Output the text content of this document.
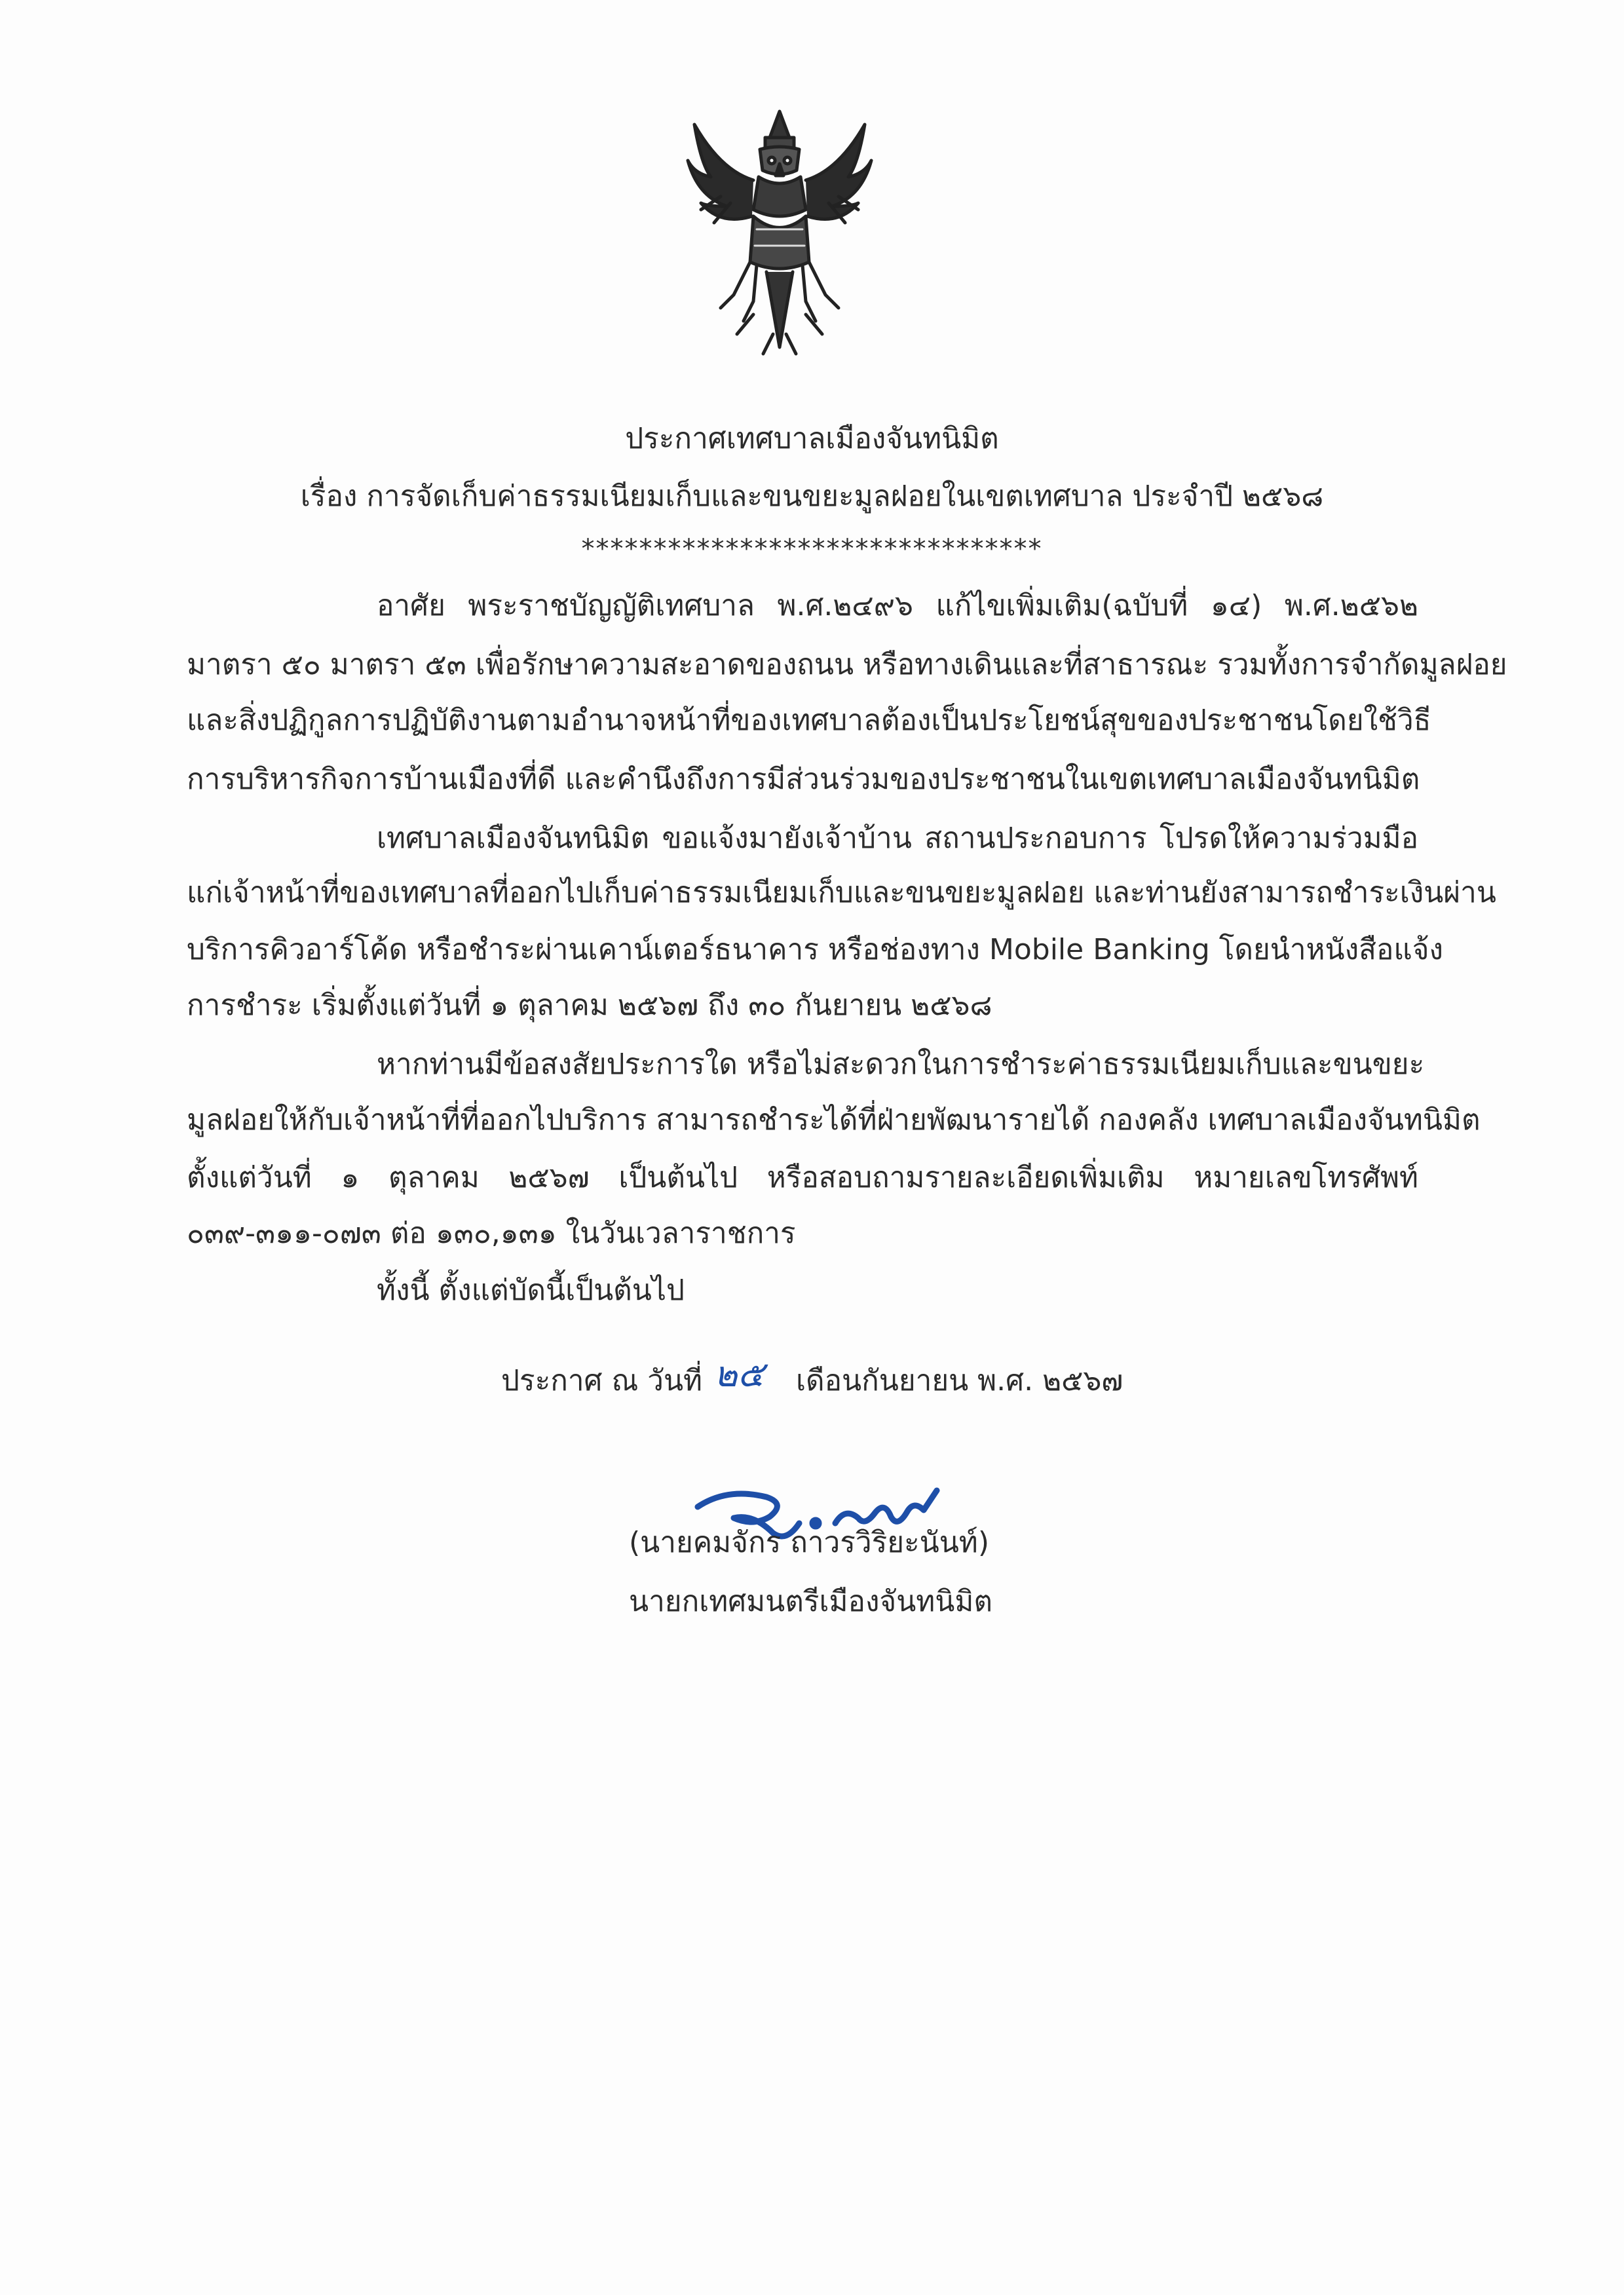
ประกาศเทศบาลเมืองจันทนิมิต
เรื่อง การจัดเก็บค่าธรรมเนียมเก็บและขนขยะมูลฝอยในเขตเทศบาล ประจำปี ๒๕๖๘
********************************
อาศัย พระราชบัญญัติเทศบาล พ.ศ.๒๔๙๖ แก้ไขเพิ่มเติม(ฉบับที่ ๑๔) พ.ศ.๒๕๖๒
มาตรา ๕๐ มาตรา ๕๓ เพื่อรักษาความสะอาดของถนน หรือทางเดินและที่สาธารณะ รวมทั้งการจำกัดมูลฝอย
และสิ่งปฏิกูลการปฏิบัติงานตามอำนาจหน้าที่ของเทศบาลต้องเป็นประโยชน์สุขของประชาชนโดยใช้วิธี
การบริหารกิจการบ้านเมืองที่ดี และคำนึงถึงการมีส่วนร่วมของประชาชนในเขตเทศบาลเมืองจันทนิมิต
เทศบาลเมืองจันทนิมิต ขอแจ้งมายังเจ้าบ้าน สถานประกอบการ โปรดให้ความร่วมมือ
แก่เจ้าหน้าที่ของเทศบาลที่ออกไปเก็บค่าธรรมเนียมเก็บและขนขยะมูลฝอย และท่านยังสามารถชำระเงินผ่าน
บริการคิวอาร์โค้ด หรือชำระผ่านเคาน์เตอร์ธนาคาร หรือช่องทาง Mobile Banking โดยนำหนังสือแจ้ง
การชำระ เริ่มตั้งแต่วันที่ ๑ ตุลาคม ๒๕๖๗ ถึง ๓๐ กันยายน ๒๕๖๘
หากท่านมีข้อสงสัยประการใด หรือไม่สะดวกในการชำระค่าธรรมเนียมเก็บและขนขยะ
มูลฝอยให้กับเจ้าหน้าที่ที่ออกไปบริการ สามารถชำระได้ที่ฝ่ายพัฒนารายได้ กองคลัง เทศบาลเมืองจันทนิมิต
ตั้งแต่วันที่ ๑ ตุลาคม ๒๕๖๗ เป็นต้นไป หรือสอบถามรายละเอียดเพิ่มเติม หมายเลขโทรศัพท์
๐๓๙-๓๑๑-๐๗๓ ต่อ ๑๓๐,๑๓๑ ในวันเวลาราชการ
ทั้งนี้ ตั้งแต่บัดนี้เป็นต้นไป
ประกาศ ณ วันที่ ๒๕ เดือนกันยายน พ.ศ. ๒๕๖๗
(นายคมจักร ถาวรวิริยะนันท์)
นายกเทศมนตรีเมืองจันทนิมิต
